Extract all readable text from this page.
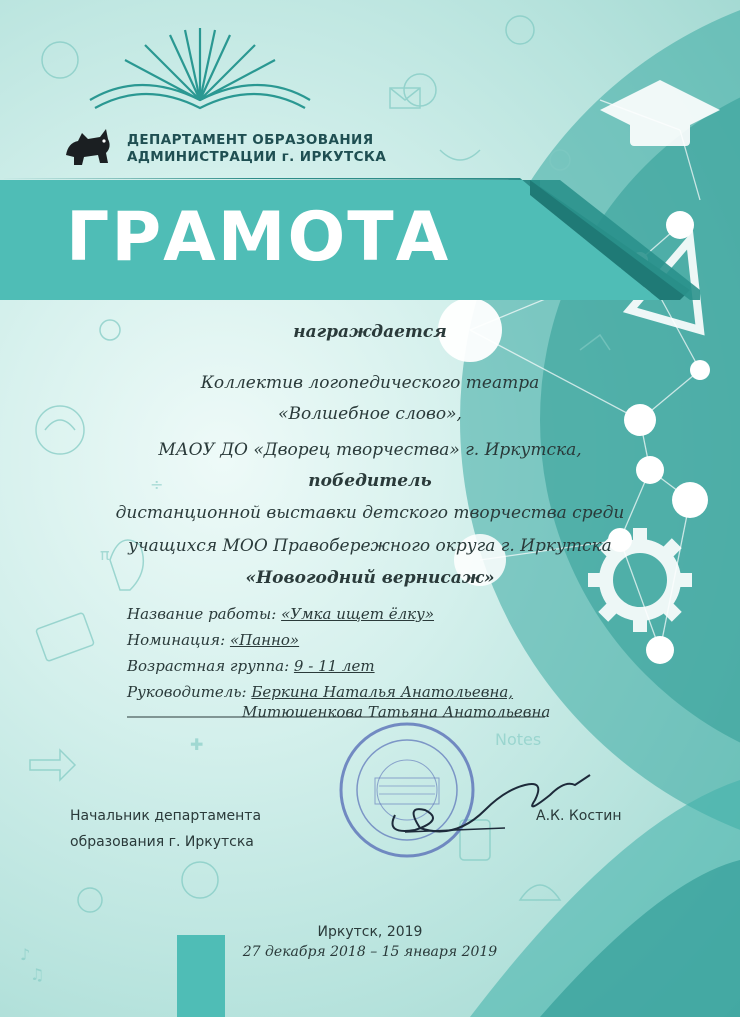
÷
π
✚
♪
♫
Notes
ДЕПАРТАМЕНТ ОБРАЗОВАНИЯ
АДМИНИСТРАЦИИ г. ИРКУТСКА
ГРАМОТА
награждается
Коллектив логопедического театра
«Волшебное слово»,
МАОУ ДО «Дворец творчества» г. Иркутска,
победитель
дистанционной выставки детского творчества среди
учащихся МОО Правобережного округа г. Иркутска
«Новогодний вернисаж»
Название работы: «Умка ищет ёлку»
Номинация: «Панно»
Возрастная группа: 9 - 11 лет
Руководитель: Беркина Наталья Анатольевна,
Митюшенкова Татьяна Анатольевна
Начальник департамента
образования г. Иркутска
А.К. Костин
Иркутск, 2019
27 декабря 2018 – 15 января 2019
